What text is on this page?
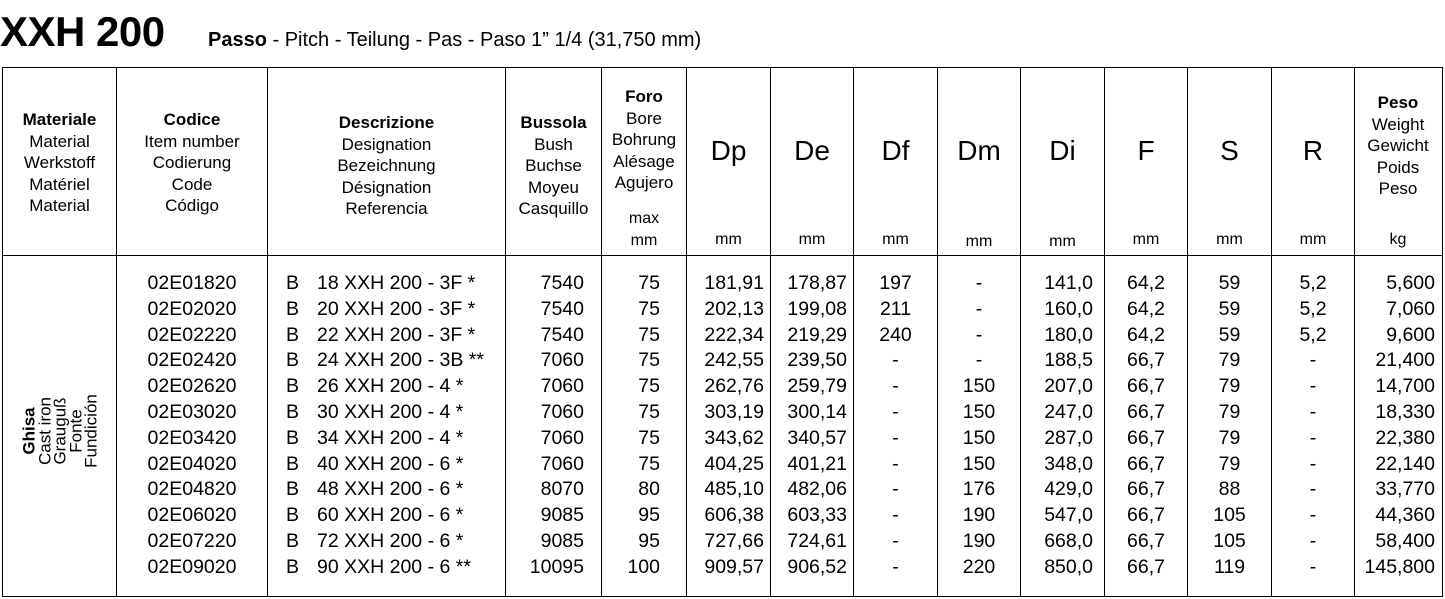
XXH 200 Passo - Pitch - Teilung - Pas - Paso 1” 1/4 (31,750 mm)
Materiale
Material
Werkstoff
Matériel
Material
Codice
Item number
Codierung
Code
Código
Descrizione
Designation
Bezeichnung
Désignation
Referencia
Bussola
Bush
Buchse
Moyeu
Casquillo
Foro
Bore
Bohrung
Alésage
Agujero
max
mm
Dp
mm
De
mm
Df
mm
Dm
mm
Di
mm
F
mm
S
mm
R
mm
Peso
Weight
Gewicht
Poids
Peso
kg
Ghisa
Cast iron
Grauguß
Fonte
Fundición
02E01820
02E02020
02E02220
02E02420
02E02620
02E03020
02E03420
02E04020
02E04820
02E06020
02E07220
02E09020
B
B
B
B
B
B
B
B
B
B
B
B
18 XXH 200 - 3F *
20 XXH 200 - 3F *
22 XXH 200 - 3F *
24 XXH 200 - 3B **
26 XXH 200 - 4 *
30 XXH 200 - 4 *
34 XXH 200 - 4 *
40 XXH 200 - 6 *
48 XXH 200 - 6 *
60 XXH 200 - 6 *
72 XXH 200 - 6 *
90 XXH 200 - 6 **
7540
7540
7540
7060
7060
7060
7060
7060
8070
9085
9085
10095
75
75
75
75
75
75
75
75
80
95
95
100
181,91
202,13
222,34
242,55
262,76
303,19
343,62
404,25
485,10
606,38
727,66
909,57
178,87
199,08
219,29
239,50
259,79
300,14
340,57
401,21
482,06
603,33
724,61
906,52
197
211
240
-
-
-
-
-
-
-
-
-
-
-
-
-
150
150
150
150
176
190
190
220
141,0
160,0
180,0
188,5
207,0
247,0
287,0
348,0
429,0
547,0
668,0
850,0
64,2
64,2
64,2
66,7
66,7
66,7
66,7
66,7
66,7
66,7
66,7
66,7
59
59
59
79
79
79
79
79
88
105
105
119
5,2
5,2
5,2
-
-
-
-
-
-
-
-
-
5,600
7,060
9,600
21,400
14,700
18,330
22,380
22,140
33,770
44,360
58,400
145,800
